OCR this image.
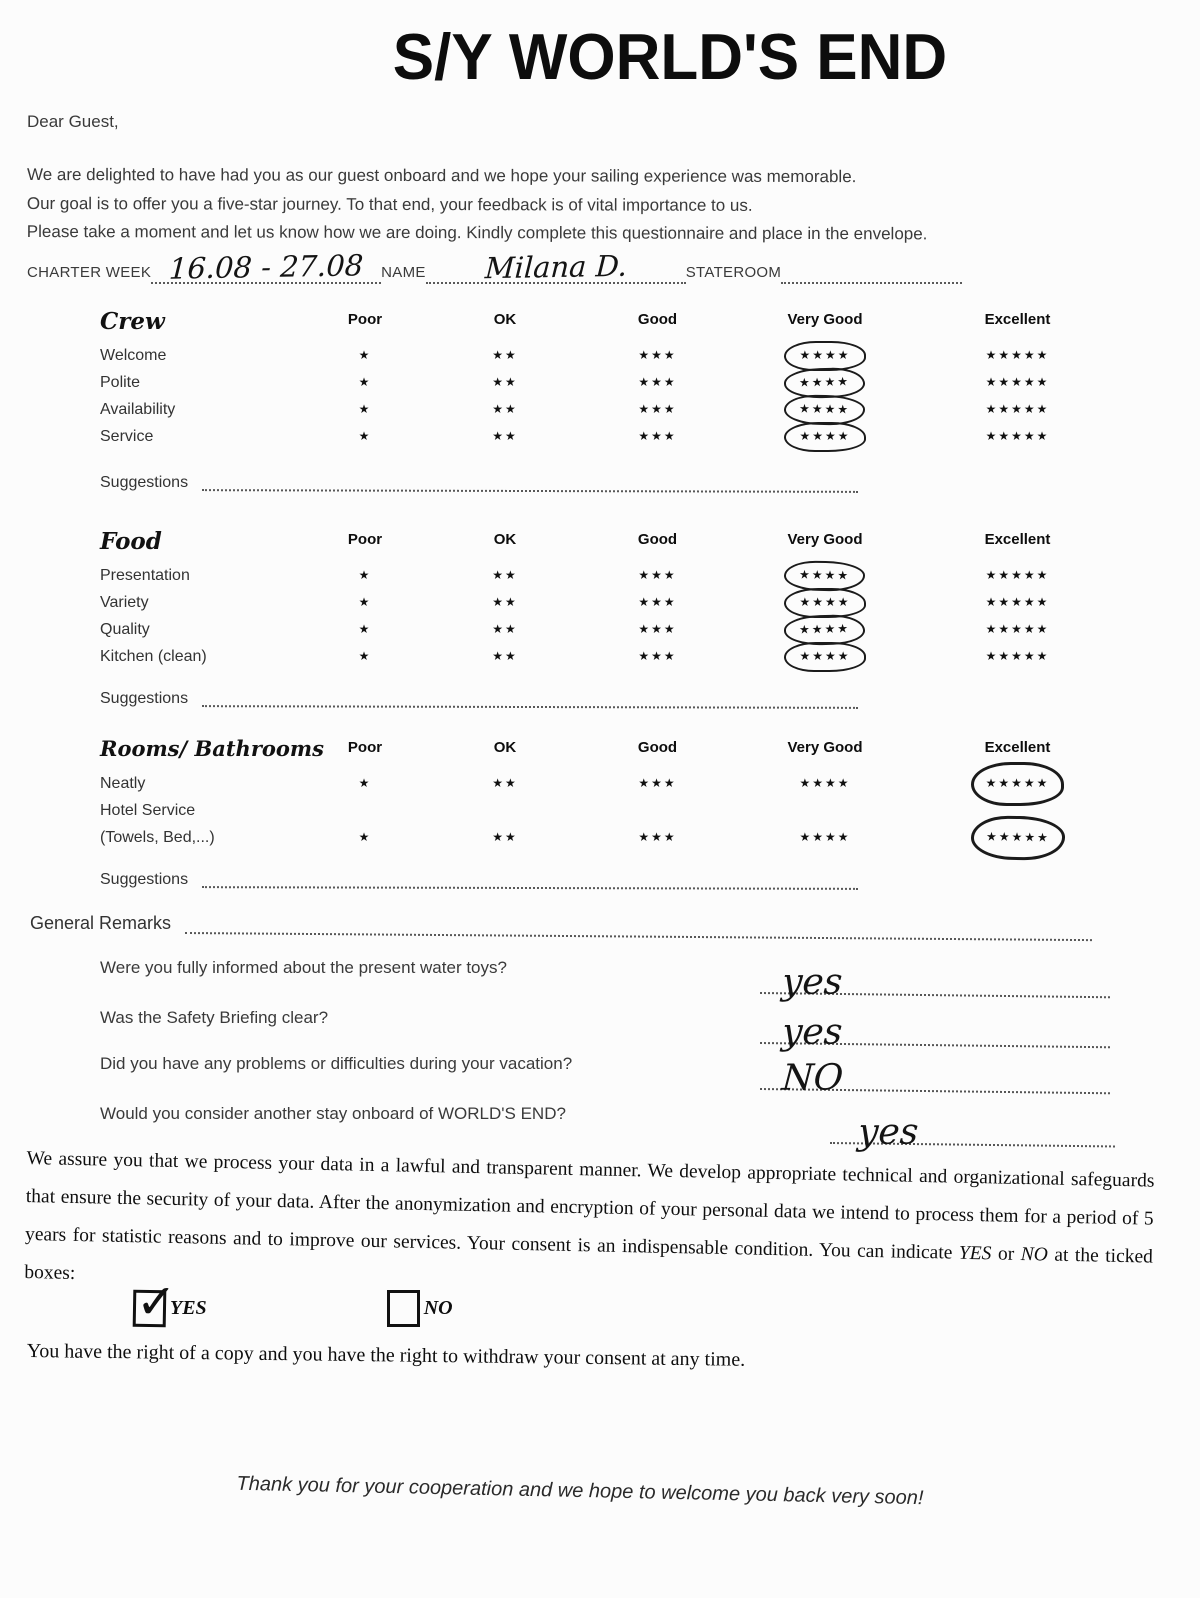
S/Y WORLD'S END
Dear Guest,
We are delighted to have had you as our guest onboard and we hope your sailing experience was memorable.
Our goal is to offer you a five-star journey. To that end, your feedback is of vital importance to us.
Please take a moment and let us know how we are doing. Kindly complete this questionnaire and place in the envelope.
CHARTER WEEK 16.08 - 27.08	NAME	Milana D.	STATEROOM
Crew	Poor	OK	Good	Very Good	Excellent
Welcome	★	★★	★★★	★★★★	★★★★★
Polite	★	★★	★★★	★★★★	★★★★★
Availability	★	★★	★★★	★★★★	★★★★★
Service	★	★★	★★★	★★★★	★★★★★
Suggestions
Food	Poor	OK	Good	Very Good	Excellent
Presentation	★	★★	★★★	★★★★	★★★★★
Variety	★	★★	★★★	★★★★	★★★★★
Quality	★	★★	★★★	★★★★	★★★★★
Kitchen (clean)	★	★★	★★★	★★★★	★★★★★
Suggestions
Rooms/ Bathrooms	Poor	OK	Good	Very Good	Excellent
Neatly	★	★★	★★★	★★★★	★★★★★
Hotel Service
(Towels, Bed,...)	★	★★	★★★	★★★★	★★★★★
Suggestions
General Remarks
Were you fully informed about the present water toys?	yes
Was the Safety Briefing clear?	yes
Did you have any problems or difficulties during your vacation?	NO
Would you consider another stay onboard of WORLD'S END?	yes
We assure you that we process your data in a lawful and transparent manner. We develop appropriate technical and organizational safeguards that ensure the security of your data. After the anonymization and encryption of your personal data we intend to process them for a period of 5 years for statistic reasons and to improve our services. Your consent is an indispensable condition. You can indicate YES or NO at the ticked boxes:
✓
YES	NO
You have the right of a copy and you have the right to withdraw your consent at any time.
Thank you for your cooperation and we hope to welcome you back very soon!
